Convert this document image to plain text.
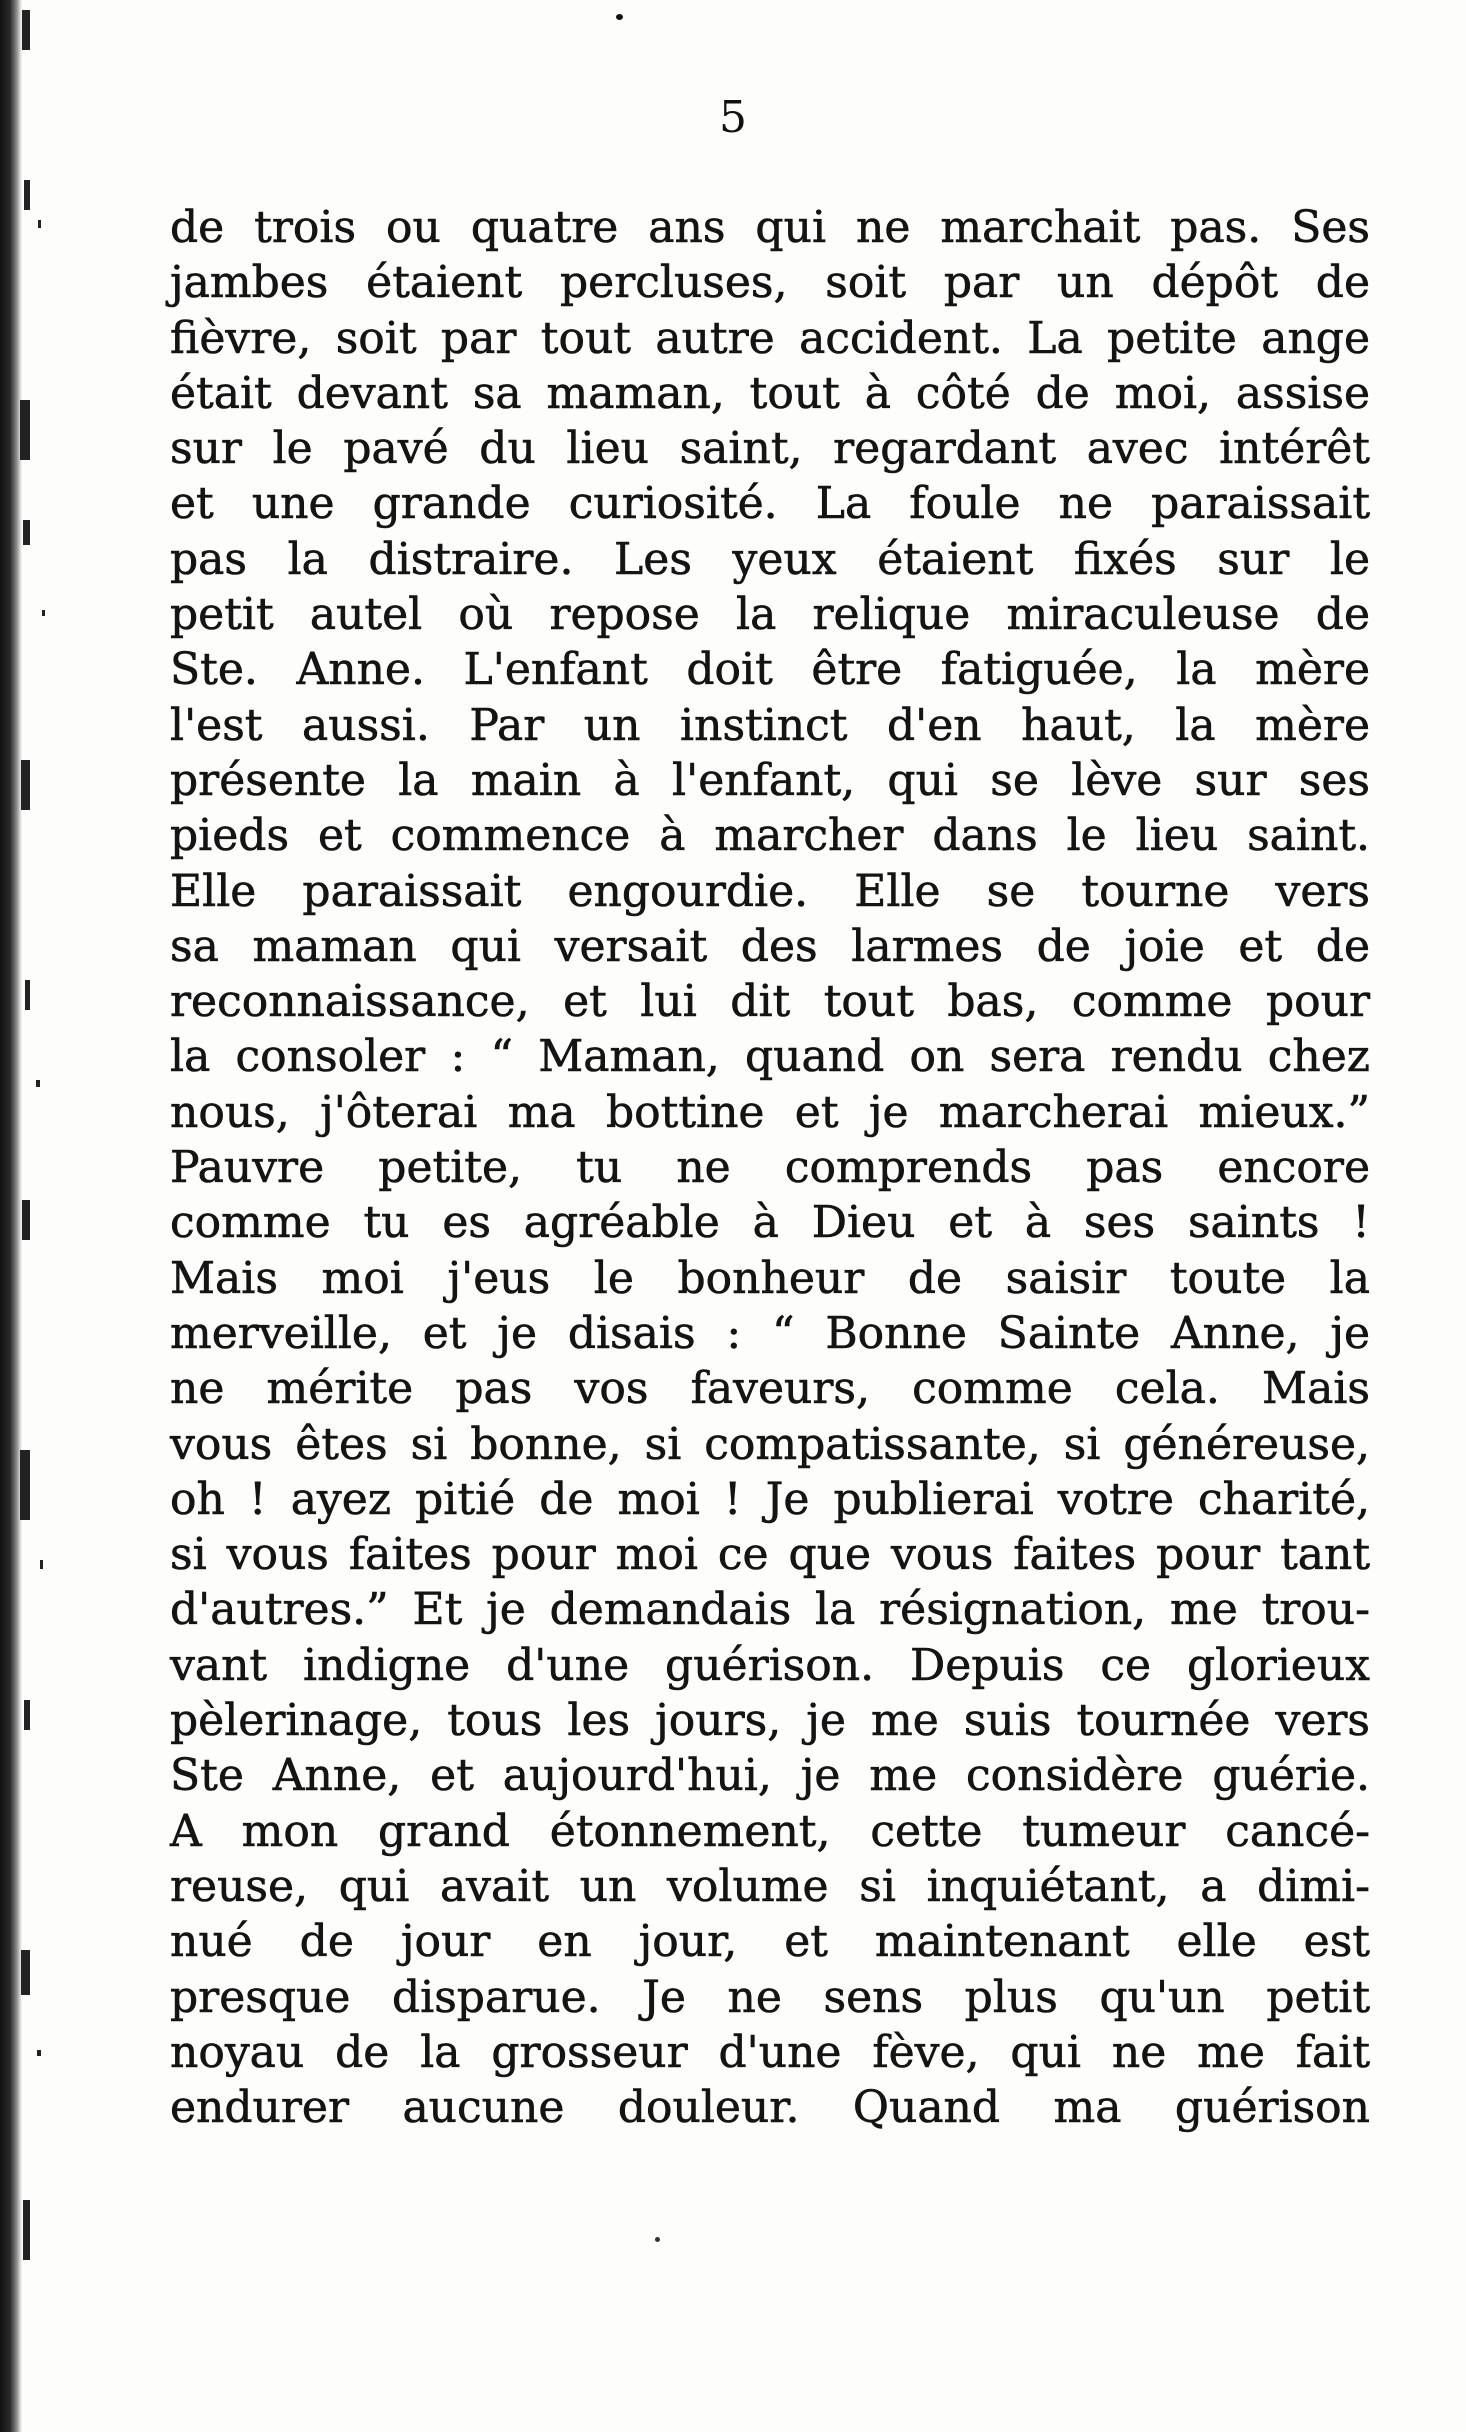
5
de trois ou quatre ans qui ne marchait pas. Ses
jambes étaient percluses, soit par un dépôt de
fièvre, soit par tout autre accident. La petite ange
était devant sa maman, tout à côté de moi, assise
sur le pavé du lieu saint, regardant avec intérêt
et une grande curiosité. La foule ne paraissait
pas la distraire. Les yeux étaient fixés sur le
petit autel où repose la relique miraculeuse de
Ste. Anne. L'enfant doit être fatiguée, la mère
l'est aussi. Par un instinct d'en haut, la mère
présente la main à l'enfant, qui se lève sur ses
pieds et commence à marcher dans le lieu saint.
Elle paraissait engourdie. Elle se tourne vers
sa maman qui versait des larmes de joie et de
reconnaissance, et lui dit tout bas, comme pour
la consoler : “ Maman, quand on sera rendu chez
nous, j'ôterai ma bottine et je marcherai mieux.”
Pauvre petite, tu ne comprends pas encore
comme tu es agréable à Dieu et à ses saints !
Mais moi j'eus le bonheur de saisir toute la
merveille, et je disais : “ Bonne Sainte Anne, je
ne mérite pas vos faveurs, comme cela. Mais
vous êtes si bonne, si compatissante, si généreuse,
oh ! ayez pitié de moi ! Je publierai votre charité,
si vous faites pour moi ce que vous faites pour tant
d'autres.” Et je demandais la résignation, me trou-
vant indigne d'une guérison. Depuis ce glorieux
pèlerinage, tous les jours, je me suis tournée vers
Ste Anne, et aujourd'hui, je me considère guérie.
A mon grand étonnement, cette tumeur cancé-
reuse, qui avait un volume si inquiétant, a dimi-
nué de jour en jour, et maintenant elle est
presque disparue. Je ne sens plus qu'un petit
noyau de la grosseur d'une fève, qui ne me fait
endurer aucune douleur. Quand ma guérison
